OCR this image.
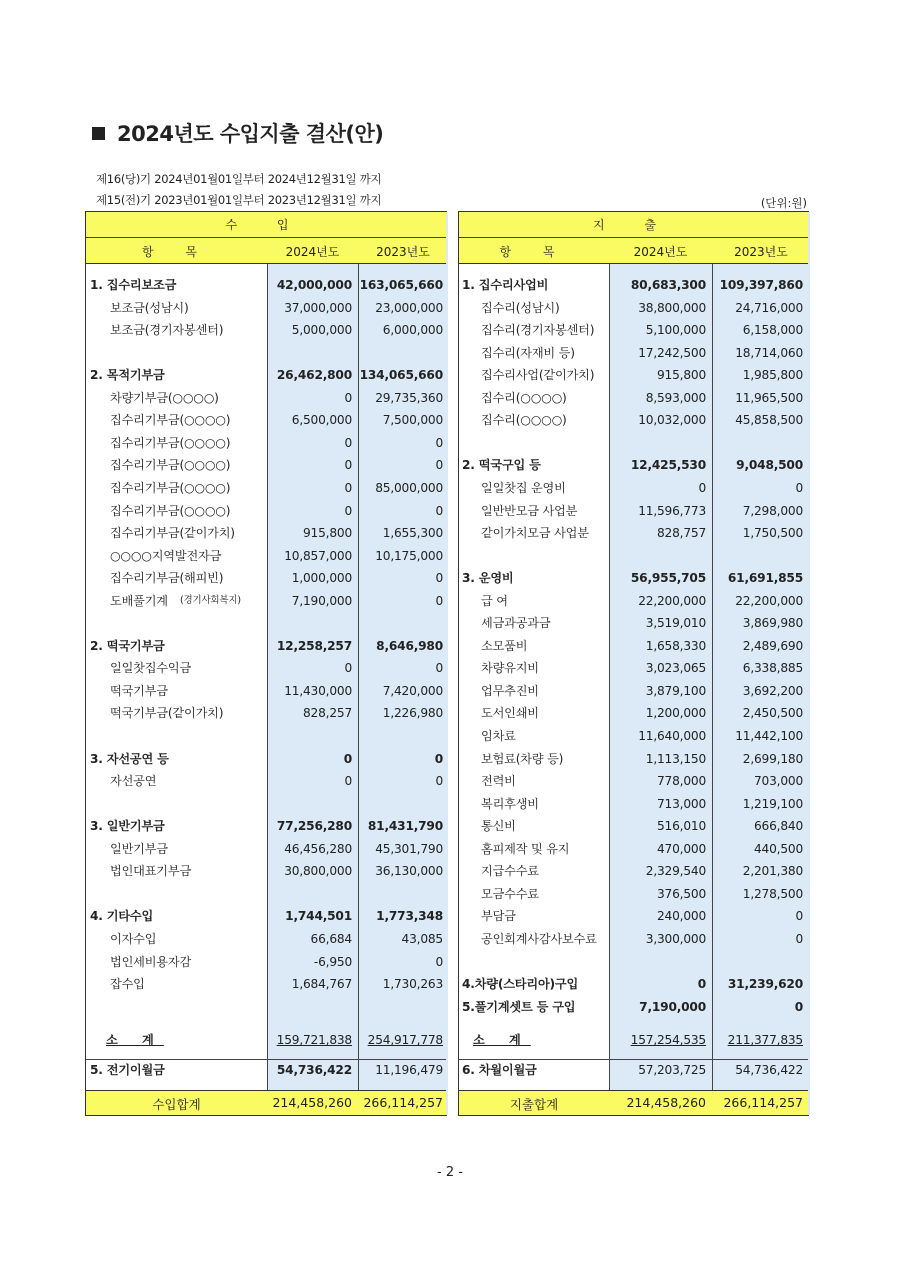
2024년도 수입지출 결산(안)
제16(당)기 2024년01월01일부터 2024년12월31일 까지
제15(전)기 2023년01월01일부터 2023년12월31일 까지	(단위:원)
수 입
항 목	2024년도	2023년도
1. 집수리보조금	42,000,000 163,065,660
보조금(성남시)	37,000,000	23,000,000
보조금(경기자봉센터)	5,000,000	6,000,000
2. 목적기부금	26,462,800 134,065,660
차량기부금(○○○○)	0	29,735,360
집수리기부금(○○○○)	6,500,000	7,500,000
집수리기부금(○○○○)	0	0
집수리기부금(○○○○)	0	0
집수리기부금(○○○○)	0	85,000,000
집수리기부금(○○○○)	0	0
집수리기부금(같이가치)	915,800	1,655,300
○○○○지역발전자금	10,857,000	10,175,000
집수리기부금(해피빈)	1,000,000	0
도배풀기계 (경기사회복지)	7,190,000	0
2. 떡국기부금	12,258,257	8,646,980
일일찻집수익금	0	0
떡국기부금	11,430,000	7,420,000
떡국기부금(같이가치)	828,257	1,226,980
3. 자선공연 등	0	0
자선공연	0	0
3. 일반기부금	77,256,280	81,431,790
일반기부금	46,456,280	45,301,790
법인대표기부금	30,800,000	36,130,000
4. 기타수입	1,744,501	1,773,348
이자수입	66,684	43,085
법인세비용자감	-6,950	0
잡수입	1,684,767	1,730,263
소 계	159,721,838	254,917,778
5. 전기이월금	54,736,422	11,196,479
수입합계	214,458,260 266,114,257
지 출
항 목	2024년도	2023년도
1. 집수리사업비	80,683,300	109,397,860
집수리(성남시)	38,800,000	24,716,000
집수리(경기자봉센터)	5,100,000	6,158,000
집수리(자재비 등)	17,242,500	18,714,060
집수리사업(같이가치)	915,800	1,985,800
집수리(○○○○)	8,593,000	11,965,500
집수리(○○○○)	10,032,000	45,858,500
2. 떡국구입 등	12,425,530	9,048,500
일일찻집 운영비	0	0
일반반모금 사업분	11,596,773	7,298,000
같이가치모금 사업분	828,757	1,750,500
3. 운영비	56,955,705	61,691,855
급 여	22,200,000	22,200,000
세금과공과금	3,519,010	3,869,980
소모품비	1,658,330	2,489,690
차량유지비	3,023,065	6,338,885
업무추진비	3,879,100	3,692,200
도서인쇄비	1,200,000	2,450,500
임차료	11,640,000	11,442,100
보험료(차량 등)	1,113,150	2,699,180
전력비	778,000	703,000
복리후생비	713,000	1,219,100
통신비	516,010	666,840
홈피제작 및 유지	470,000	440,500
지급수수료	2,329,540	2,201,380
모금수수료	376,500	1,278,500
부담금	240,000	0
공인회계사감사보수료	3,300,000	0
4.차량(스타리아)구입	0	31,239,620
5.풀기계셋트 등 구입	7,190,000	0
소 계	157,254,535	211,377,835
6. 차월이월금	57,203,725	54,736,422
지출합계	214,458,260	266,114,257
- 2 -
